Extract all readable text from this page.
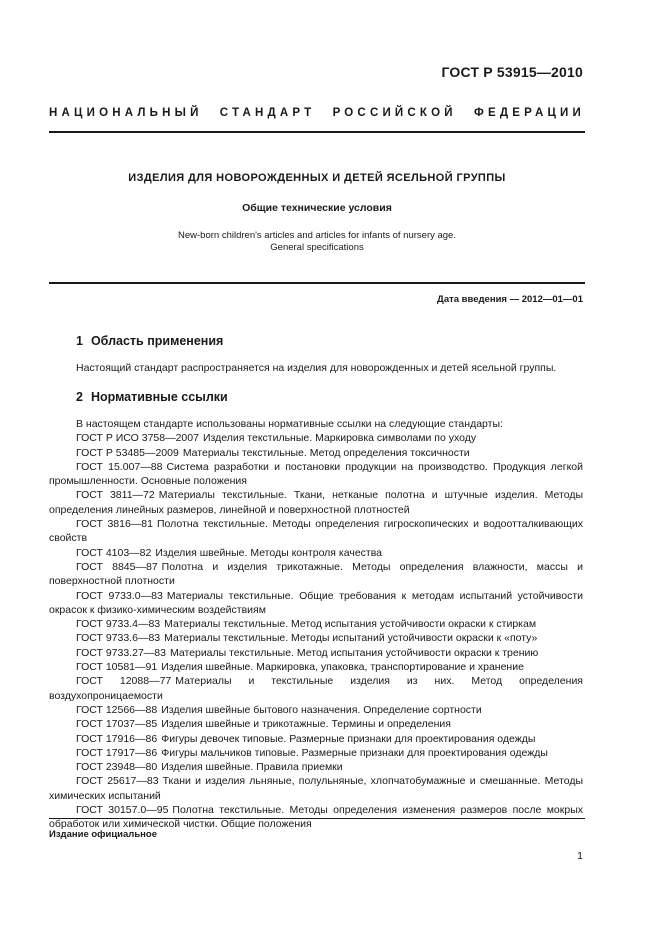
ГОСТ Р 53915—2010
НАЦИОНАЛЬНЫЙ СТАНДАРТ РОССИЙСКОЙ ФЕДЕРАЦИИ
ИЗДЕЛИЯ ДЛЯ НОВОРОЖДЕННЫХ И ДЕТЕЙ ЯСЕЛЬНОЙ ГРУППЫ
Общие технические условия
New-born children's articles and articles for infants of nursery age.
General specifications
Дата введения — 2012—01—01
1 Область применения
Настоящий стандарт распространяется на изделия для новорожденных и детей ясельной группы.
2 Нормативные ссылки
В настоящем стандарте использованы нормативные ссылки на следующие стандарты:
ГОСТ Р ИСО 3758—2007 Изделия текстильные. Маркировка символами по уходу
ГОСТ Р 53485—2009 Материалы текстильные. Метод определения токсичности
ГОСТ 15.007—88 Система разработки и постановки продукции на производство. Продукция легкой промышленности. Основные положения
ГОСТ 3811—72 Материалы текстильные. Ткани, нетканые полотна и штучные изделия. Методы определения линейных размеров, линейной и поверхностной плотностей
ГОСТ 3816—81 Полотна текстильные. Методы определения гигроскопических и водоотталкивающих свойств
ГОСТ 4103—82 Изделия швейные. Методы контроля качества
ГОСТ 8845—87 Полотна и изделия трикотажные. Методы определения влажности, массы и поверхностной плотности
ГОСТ 9733.0—83 Материалы текстильные. Общие требования к методам испытаний устойчивости окрасок к физико-химическим воздействиям
ГОСТ 9733.4—83 Материалы текстильные. Метод испытания устойчивости окраски к стиркам
ГОСТ 9733.6—83 Материалы текстильные. Методы испытаний устойчивости окраски к «поту»
ГОСТ 9733.27—83 Материалы текстильные. Метод испытания устойчивости окраски к трению
ГОСТ 10581—91 Изделия швейные. Маркировка, упаковка, транспортирование и хранение
ГОСТ 12088—77 Материалы и текстильные изделия из них. Метод определения воздухопроницаемости
ГОСТ 12566—88 Изделия швейные бытового назначения. Определение сортности
ГОСТ 17037—85 Изделия швейные и трикотажные. Термины и определения
ГОСТ 17916—86 Фигуры девочек типовые. Размерные признаки для проектирования одежды
ГОСТ 17917—86 Фигуры мальчиков типовые. Размерные признаки для проектирования одежды
ГОСТ 23948—80 Изделия швейные. Правила приемки
ГОСТ 25617—83 Ткани и изделия льняные, полульняные, хлопчатобумажные и смешанные. Методы химических испытаний
ГОСТ 30157.0—95 Полотна текстильные. Методы определения изменения размеров после мокрых обработок или химической чистки. Общие положения
Издание официальное
1
